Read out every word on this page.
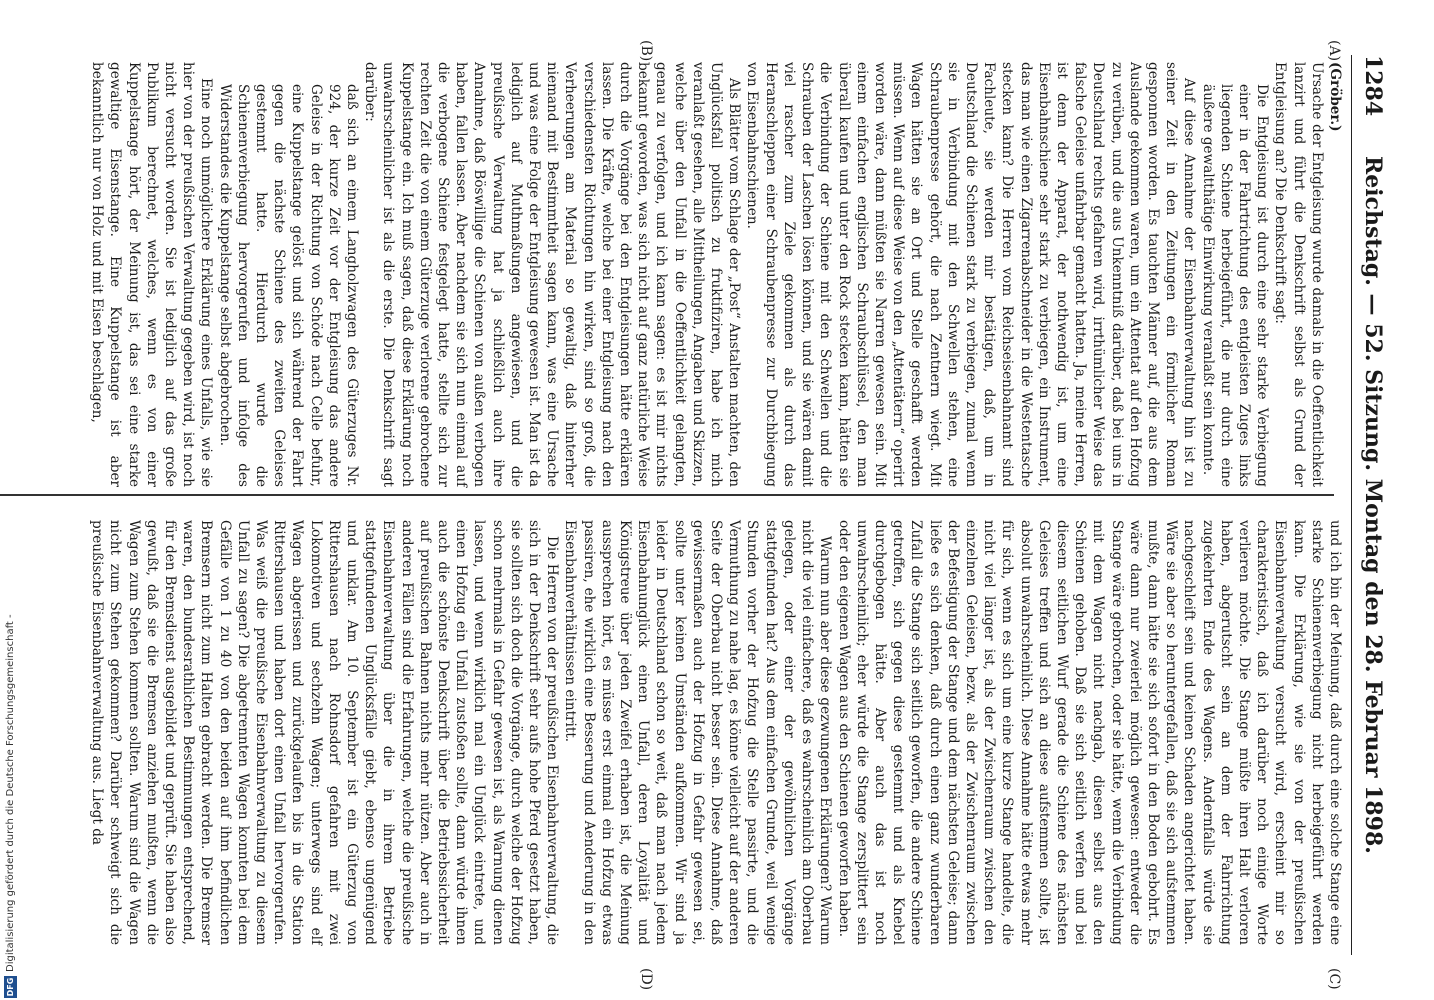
1284
Reichstag. — 52. Sitzung. Montag den 28. Februar 1898.
(A)
(B)
(C)
(D)

(Gröber.)

Ursache der Entgleisung wurde damals in die Oeffentlichkeit lanzirt und führt die Denkschrift selbst als Grund der Entgleisung an? Die Denkschrift sagt:

Die Entgleisung ist durch eine sehr starke Verbiegung einer in der Fahrtrichtung des entgleisten Zuges links liegenden Schiene herbeigeführt, die nur durch eine äußere gewaltthätige Einwirkung veranlaßt sein konnte.

Auf diese Annahme der Eisenbahnverwaltung hin ist zu seiner Zeit in den Zeitungen ein förmlicher Roman gesponnen worden. Es tauchten Männer auf, die aus dem Auslande gekommen waren, um ein Attentat auf den Hofzug zu verüben, und die aus Unkenntniß darüber, daß bei uns in Deutschland rechts gefahren wird, irrthümlicher Weise das falsche Geleise unfahrbar gemacht hatten. Ja, meine Herren, ist denn der Apparat, der nothwendig ist, um eine Eisenbahnschiene sehr stark zu verbiegen, ein Instrument, das man wie einen Zigarrenabschneider in die Westentasche stecken kann? Die Herren vom Reichseisenbahnamt sind Fachleute, sie werden mir bestätigen, daß, um in Deutschland die Schienen stark zu verbiegen, zumal wenn sie in Verbindung mit den Schwellen stehen, eine Schraubenpresse gehört, die nach Zentnern wiegt. Mit Wagen hätten sie an Ort und Stelle geschafft werden müssen. Wenn auf diese Weise von den „Attentätern“ operirt worden wäre, dann müßten sie Narren gewesen sein. Mit einem einfachen englischen Schraubschlüssel, den man überall kaufen und unter den Rock stecken kann, hätten sie die Verbindung der Schiene mit den Schwellen und die Schrauben der Laschen lösen können, und sie wären damit viel rascher zum Ziele gekommen als durch das Heranschleppen einer Schraubenpresse zur Durchbiegung von Eisenbahnschienen.

Als Blätter vom Schlage der „Post“ Anstalten machten, den Unglücksfall politisch zu fruktifiziren, habe ich mich veranlaßt gesehen, alle Mittheilungen, Angaben und Skizzen, welche über den Unfall in die Oeffentlichkeit gelangten, genau zu verfolgen, und ich kann sagen: es ist mir nichts bekannt geworden, was sich nicht auf ganz natürliche Weise durch die Vorgänge bei den Entgleisungen hätte erklären lassen. Die Kräfte, welche bei einer Entgleisung nach den verschiedensten Richtungen hin wirken, sind so groß, die Verheerungen am Material so gewaltig, daß hinterher niemand mit Bestimmtheit sagen kann, was eine Ursache und was eine Folge der Entgleisung gewesen ist. Man ist da lediglich auf Muthmaßungen angewiesen, und die preußische Verwaltung hat ja schließlich auch ihre Annahme, daß Böswillige die Schienen von außen verbogen haben, fallen lassen. Aber nachdem sie sich nun einmal auf die verbogene Schiene festgelegt hatte, stellte sich zur rechten Zeit die von einem Güterzuge verlorene gebrochene Kuppelstange ein. Ich muß sagen, daß diese Erklärung noch unwahrscheinlicher ist als die erste. Die Denkschrift sagt darüber:

daß sich an einem Langholzwagen des Güterzuges Nr. 924, der kurze Zeit vor der Entgleisung das andere Geleise in der Richtung von Schöde nach Celle befuhr, eine Kuppelstange gelöst und sich während der Fahrt gegen die nächste Schiene des zweiten Geleises gestemmt hatte. Hierdurch wurde die Schienenverbiegung hervorgerufen und infolge des Widerstandes die Kuppelstange selbst abgebrochen.

Eine noch unmöglichere Erklärung eines Unfalls, wie sie hier von der preußischen Verwaltung gegeben wird, ist noch nicht versucht worden. Sie ist lediglich auf das große Publikum berechnet, welches, wenn es von einer Kuppelstange hört, der Meinung ist, das sei eine starke gewaltige Eisenstange. Eine Kuppelstange ist aber bekanntlich nur von Holz und mit Eisen beschlagen,

und ich bin der Meinung, daß durch eine solche Stange eine starke Schienenverbiegung nicht herbeigeführt werden kann. Die Erklärung, wie sie von der preußischen Eisenbahnverwaltung versucht wird, erscheint mir so charakteristisch, daß ich darüber noch einige Worte verlieren möchte. Die Stange müßte ihren Halt verloren haben, abgerutscht sein an dem der Fahrrichtung zugekehrten Ende des Wagens. Andernfalls würde sie nachgeschleift sein und keinen Schaden angerichtet haben. Wäre sie aber so heruntergefallen, daß sie sich aufstemmen mußte, dann hätte sie sich sofort in den Boden gebohrt. Es wäre dann nur zweierlei möglich gewesen: entweder die Stange wäre gebrochen, oder sie hätte, wenn die Verbindung mit dem Wagen nicht nachgab, diesen selbst aus den Schienen gehoben. Daß sie sich seitlich werfen und bei diesem seitlichen Wurf gerade die Schiene des nächsten Geleises treffen und sich an diese aufstemmen sollte, ist absolut unwahrscheinlich. Diese Annahme hätte etwas mehr für sich, wenn es sich um eine kurze Stange handelte, die nicht viel länger ist, als der Zwischenraum zwischen den einzelnen Geleisen, bezw. als der Zwischenraum zwischen der Befestigung der Stange und dem nächsten Geleise; dann ließe es sich denken, daß durch einen ganz wunderbaren Zufall die Stange sich seitlich geworfen, die andere Schiene getroffen, sich gegen diese gestemmt und als Knebel durchgebogen hätte. Aber auch das ist noch unwahrscheinlich; eher würde die Stange zersplittert sein oder den eigenen Wagen aus den Schienen geworfen haben.

Warum nun aber diese gezwungenen Erklärungen? Warum nicht die viel einfachere, daß es wahrscheinlich am Oberbau gelegen, oder einer der gewöhnlichen Vorgänge stattgefunden hat? Aus dem einfachen Grunde, weil wenige Stunden vorher der Hofzug die Stelle passirte, und die Vermuthung zu nahe lag, es könne vielleicht auf der anderen Seite der Oberbau nicht besser sein. Diese Annahme, daß gewissermaßen auch der Hofzug in Gefahr gewesen sei, sollte unter keinen Umständen aufkommen. Wir sind ja leider in Deutschland schon so weit, daß man nach jedem Eisenbahnunglück einen Unfall, deren Loyalität und Königstreue über jeden Zweifel erhaben ist, die Meinung aussprechen hört, es müsse erst einmal ein Hofzug etwas passiren, ehe wirklich eine Besserung und Aenderung in den Eisenbahnverhältnissen eintritt.

Die Herren von der preußischen Eisenbahnverwaltung, die sich in der Denkschrift sehr aufs hohe Pferd gesetzt haben, sie sollten sich doch die Vorgänge, durch welche der Hofzug schon mehrmals in Gefahr gewesen ist, als Warnung dienen lassen, und wenn wirklich mal ein Unglück eintrete, und einen Hofzug ein Unfall zustoßen sollte, dann würde ihnen auch die schönste Denkschrift über die Betriebssicherheit auf preußischen Bahnen nichts mehr nützen. Aber auch in anderen Fällen sind die Erfahrungen, welche die preußische Eisenbahnverwaltung über die in ihrem Betriebe stattgefundenen Unglücksfälle giebt, ebenso ungenügend und unklar. Am 10. September ist ein Güterzug von Rittershausen nach Rohnsdorf gefahren mit zwei Lokomotiven und sechzehn Wagen; unterwegs sind elf Wagen abgerissen und zurückgelaufen bis in die Station Rittershausen und haben dort einen Unfall hervorgerufen. Was weiß die preußische Eisenbahnverwaltung zu diesem Unfall zu sagen? Die abgetrennten Wagen konnten bei dem Gefälle von 1 zu 40 von den beiden auf ihm befindlichen Bremsern nicht zum Halten gebracht werden. Die Bremser waren, den bundesrathlichen Bestimmungen entsprechend, für den Bremsdienst ausgebildet und geprüft. Sie haben also gewußt, daß sie die Bremsen anziehen mußten, wenn die Wagen zum Stehen kommen sollten. Warum sind die Wagen nicht zum Stehen gekommen? Darüber schweigt sich die preußische Eisenbahnverwaltung aus. Liegt da

Digitalisierung gefördert durch die Deutsche Forschungsgemeinschaft -
DFG
